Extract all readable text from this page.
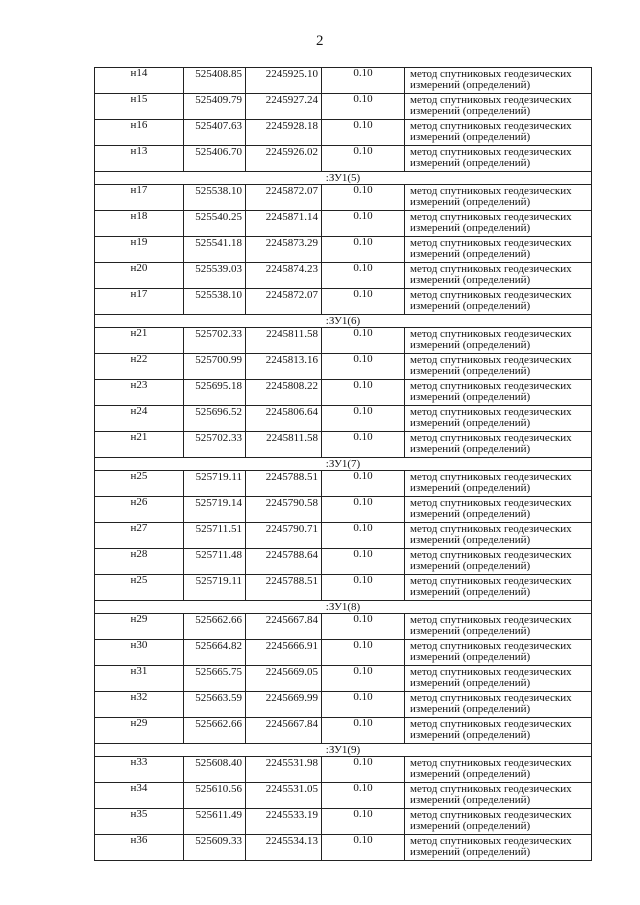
2
н14	525408.85	2245925.10	0.10	метод спутниковых геодезических измерений (определений)
н15	525409.79	2245927.24	0.10	метод спутниковых геодезических измерений (определений)
н16	525407.63	2245928.18	0.10	метод спутниковых геодезических измерений (определений)
н13	525406.70	2245926.02	0.10	метод спутниковых геодезических измерений (определений)
:ЗУ1(5)				
н17	525538.10	2245872.07	0.10	метод спутниковых геодезических измерений (определений)
н18	525540.25	2245871.14	0.10	метод спутниковых геодезических измерений (определений)
н19	525541.18	2245873.29	0.10	метод спутниковых геодезических измерений (определений)
н20	525539.03	2245874.23	0.10	метод спутниковых геодезических измерений (определений)
н17	525538.10	2245872.07	0.10	метод спутниковых геодезических измерений (определений)
:ЗУ1(6)				
н21	525702.33	2245811.58	0.10	метод спутниковых геодезических измерений (определений)
н22	525700.99	2245813.16	0.10	метод спутниковых геодезических измерений (определений)
н23	525695.18	2245808.22	0.10	метод спутниковых геодезических измерений (определений)
н24	525696.52	2245806.64	0.10	метод спутниковых геодезических измерений (определений)
н21	525702.33	2245811.58	0.10	метод спутниковых геодезических измерений (определений)
:ЗУ1(7)				
н25	525719.11	2245788.51	0.10	метод спутниковых геодезических измерений (определений)
н26	525719.14	2245790.58	0.10	метод спутниковых геодезических измерений (определений)
н27	525711.51	2245790.71	0.10	метод спутниковых геодезических измерений (определений)
н28	525711.48	2245788.64	0.10	метод спутниковых геодезических измерений (определений)
н25	525719.11	2245788.51	0.10	метод спутниковых геодезических измерений (определений)
:ЗУ1(8)				
н29	525662.66	2245667.84	0.10	метод спутниковых геодезических измерений (определений)
н30	525664.82	2245666.91	0.10	метод спутниковых геодезических измерений (определений)
н31	525665.75	2245669.05	0.10	метод спутниковых геодезических измерений (определений)
н32	525663.59	2245669.99	0.10	метод спутниковых геодезических измерений (определений)
н29	525662.66	2245667.84	0.10	метод спутниковых геодезических измерений (определений)
:ЗУ1(9)				
н33	525608.40	2245531.98	0.10	метод спутниковых геодезических измерений (определений)
н34	525610.56	2245531.05	0.10	метод спутниковых геодезических измерений (определений)
н35	525611.49	2245533.19	0.10	метод спутниковых геодезических измерений (определений)
н36	525609.33	2245534.13	0.10	метод спутниковых геодезических измерений (определений)
